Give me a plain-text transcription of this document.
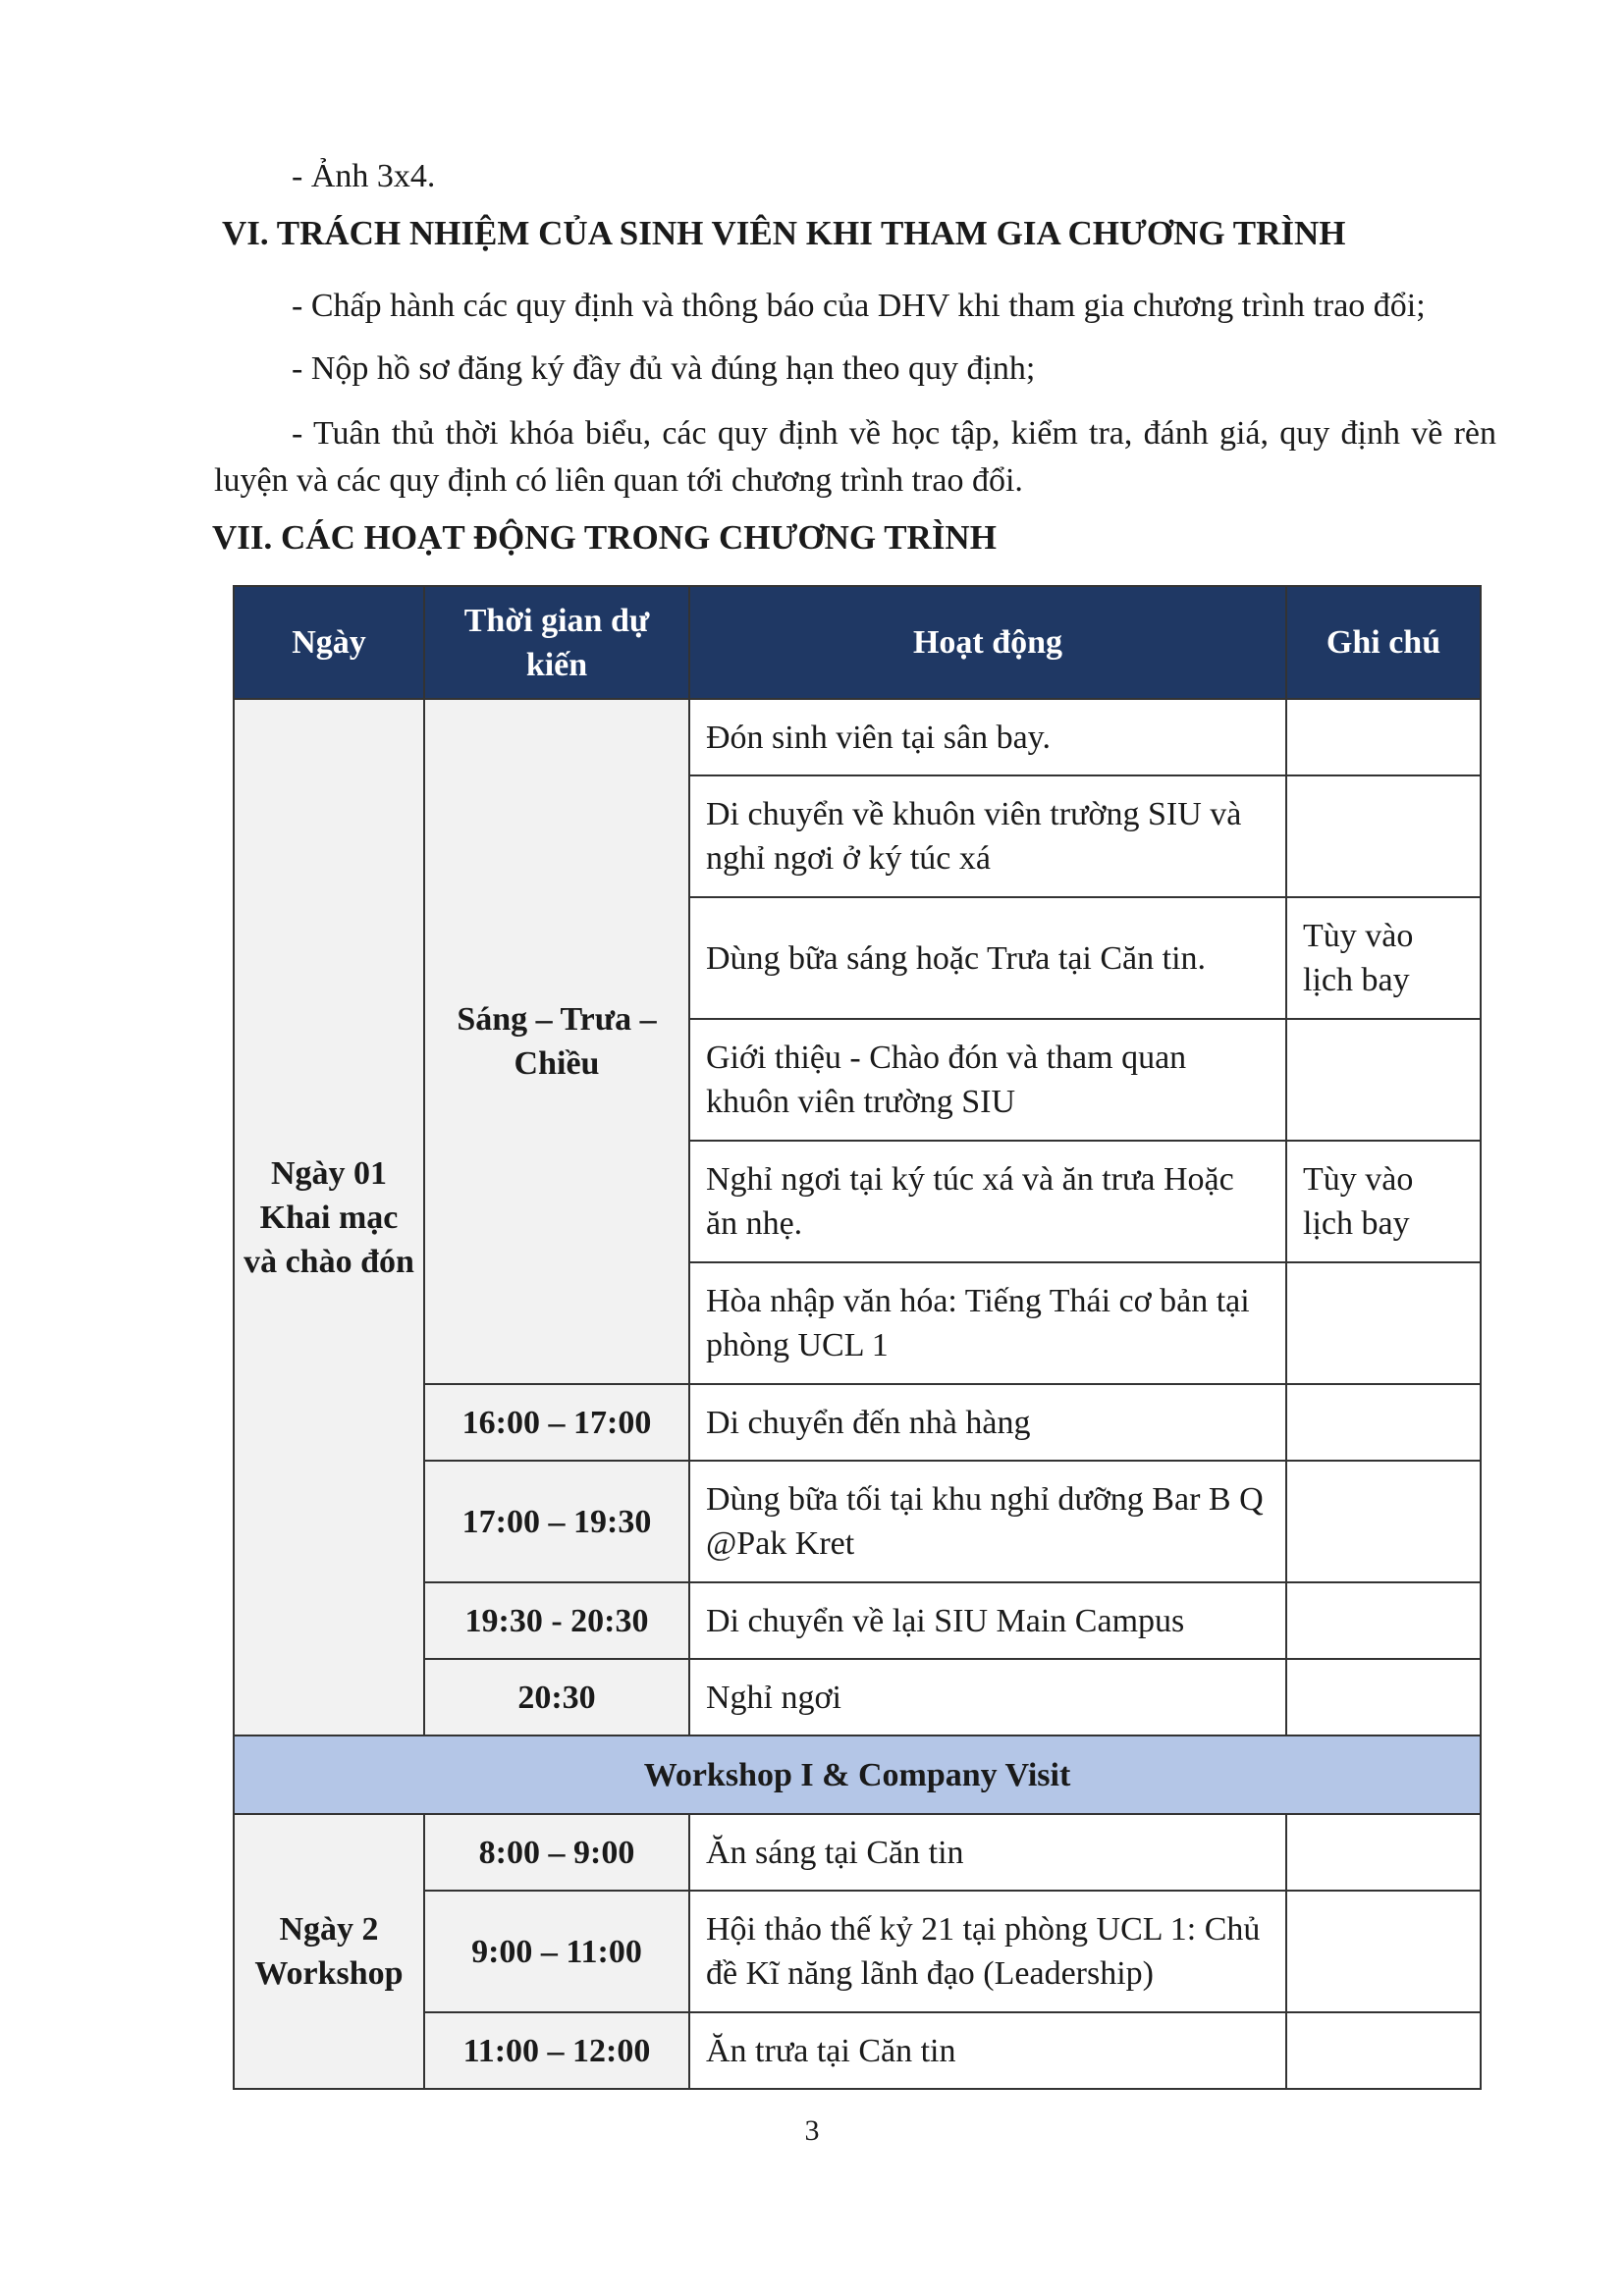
- Ảnh 3x4.

VI. TRÁCH NHIỆM CỦA SINH VIÊN KHI THAM GIA CHƯƠNG TRÌNH

- Chấp hành các quy định và thông báo của DHV khi tham gia chương trình trao đổi;

- Nộp hồ sơ đăng ký đầy đủ và đúng hạn theo quy định;

- Tuân thủ thời khóa biểu, các quy định về học tập, kiểm tra, đánh giá, quy định về rèn luyện và các quy định có liên quan tới chương trình trao đổi.

VII. CÁC HOẠT ĐỘNG TRONG CHƯƠNG TRÌNH
Ngày	Thời gian dự kiến	Hoạt động	Ghi chú
Ngày 01 Khai mạc và chào đón	Sáng – Trưa – Chiều	Đón sinh viên tại sân bay.	
		Di chuyển về khuôn viên trường SIU và nghỉ ngơi ở ký túc xá	
		Dùng bữa sáng hoặc Trưa tại Căn tin.	Tùy vào lịch bay
		Giới thiệu - Chào đón và tham quan khuôn viên trường SIU	
		Nghỉ ngơi tại ký túc xá và ăn trưa Hoặc ăn nhẹ.	Tùy vào lịch bay
		Hòa nhập văn hóa: Tiếng Thái cơ bản tại phòng UCL 1	
	16:00 – 17:00	Di chuyển đến nhà hàng	
	17:00 – 19:30	Dùng bữa tối tại khu nghỉ dưỡng Bar B Q @Pak Kret	
	19:30 - 20:30	Di chuyển về lại SIU Main Campus	
	20:30	Nghỉ ngơi	
Workshop I & Company Visit			
Ngày 2 Workshop	8:00 – 9:00	Ăn sáng tại Căn tin	
	9:00 – 11:00	Hội thảo thế kỷ 21 tại phòng UCL 1: Chủ đề Kĩ năng lãnh đạo (Leadership)	
	11:00 – 12:00	Ăn trưa tại Căn tin	
3
